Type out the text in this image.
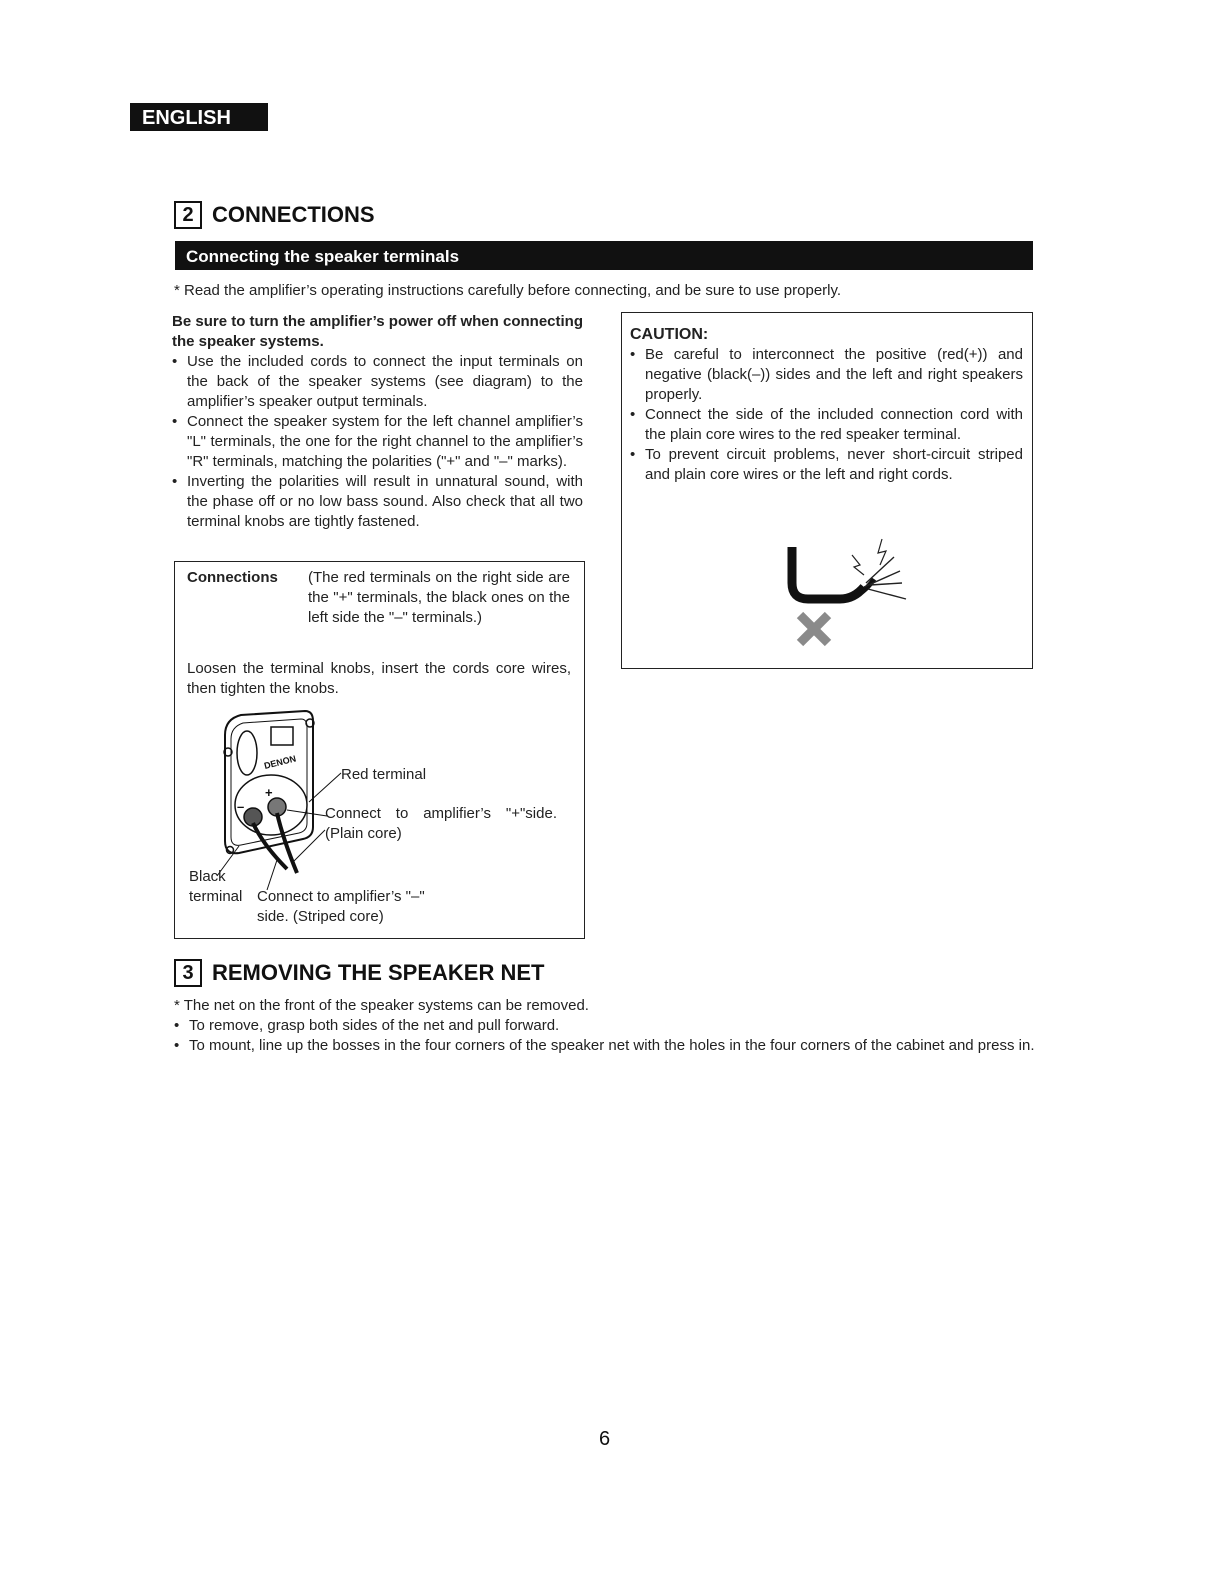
ENGLISH
2 CONNECTIONS
Connecting the speaker terminals
* Read the amplifier’s operating instructions carefully before connecting, and be sure to use properly.
Be sure to turn the amplifier’s power off when connecting the speaker systems.
• Use the included cords to connect the input terminals on the back of the speaker systems (see diagram) to the amplifier’s speaker output terminals.
• Connect the speaker system for the left channel amplifier’s "L" terminals, the one for the right channel to the amplifier’s "R" terminals, matching the polarities ("+" and "–" marks).
• Inverting the polarities will result in unnatural sound, with the phase off or no low bass sound. Also check that all two terminal knobs are tightly fastened.
CAUTION:
• Be careful to interconnect the positive (red(+)) and negative (black(–)) sides and the left and right speakers properly.
• Connect the side of the included connection cord with the plain core wires to the red speaker terminal.
• To prevent circuit problems, never short-circuit striped and plain core wires or the left and right cords.
Connections (The red terminals on the right side are the "+" terminals, the black ones on the left side the "–" terminals.)
Loosen the terminal knobs, insert the cords core wires, then tighten the knobs.
DENON
+
–
Red terminal
Connect to amplifier’s "+"side. (Plain core)
Black
terminal Connect to amplifier’s "–"
side. (Striped core)
3 REMOVING THE SPEAKER NET
* The net on the front of the speaker systems can be removed.
• To remove, grasp both sides of the net and pull forward.
• To mount, line up the bosses in the four corners of the speaker net with the holes in the four corners of the cabinet and press in.
6
